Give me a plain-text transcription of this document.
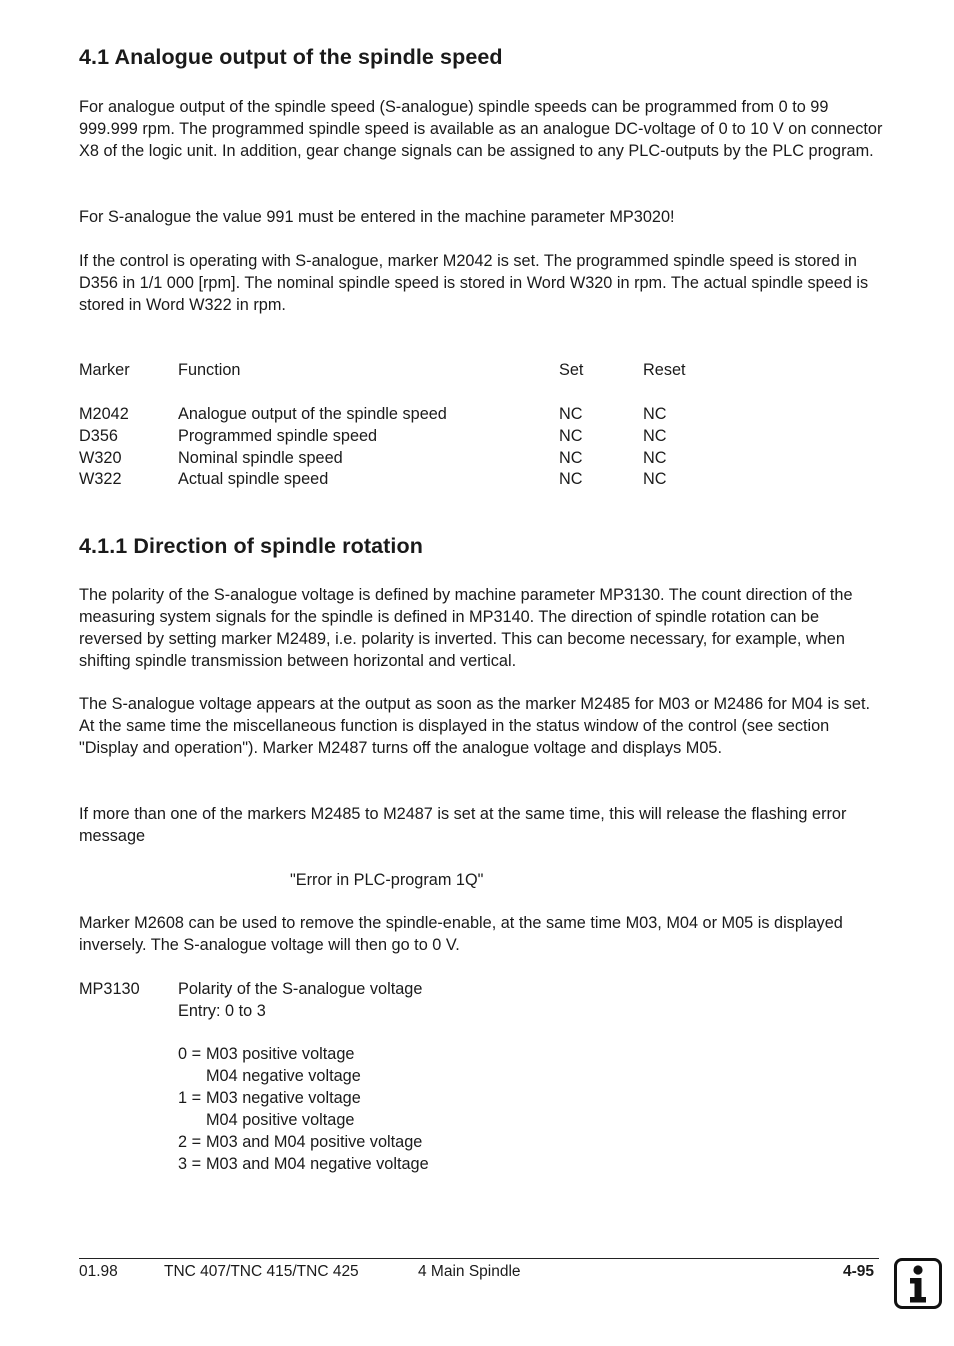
4.1 Analogue output of the spindle speed

For analogue output of the spindle speed (S-analogue) spindle speeds can be programmed from 0 to 99 999.999 rpm. The programmed spindle speed is available as an analogue DC-voltage of 0 to 10 V on connector X8 of the logic unit. In addition, gear change signals can be assigned to any PLC-outputs by the PLC program.

For S-analogue the value 991 must be entered in the machine parameter MP3020!

If the control is operating with S-analogue, marker M2042 is set. The programmed spindle speed is stored in D356 in 1/1 000 [rpm]. The nominal spindle speed is stored in Word W320 in rpm. The actual spindle speed is stored in Word W322 in rpm.

Marker	Function	Set	Reset
M2042	Analogue output of the spindle speed	NC	NC
D356	Programmed spindle speed	NC	NC
W320	Nominal spindle speed	NC	NC
W322	Actual spindle speed	NC	NC
4.1.1 Direction of spindle rotation

The polarity of the S-analogue voltage is defined by machine parameter MP3130. The count direction of the measuring system signals for the spindle is defined in MP3140. The direction of spindle rotation can be reversed by setting marker M2489, i.e. polarity is inverted. This can become necessary, for example, when shifting spindle transmission between horizontal and vertical.

The S-analogue voltage appears at the output as soon as the marker M2485 for M03 or M2486 for M04 is set. At the same time the miscellaneous function is displayed in the status window of the control (see section "Display and operation"). Marker M2487 turns off the analogue voltage and displays M05.

If more than one of the markers M2485 to M2487 is set at the same time, this will release the flashing error message

"Error in PLC-program 1Q"

Marker M2608 can be used to remove the spindle-enable, at the same time M03, M04 or M05 is displayed inversely. The S-analogue voltage will then go to 0 V.

MP3130 Polarity of the S-analogue voltage
Entry: 0 to 3
0 = M03 positive voltage
M04 negative voltage
1 = M03 negative voltage
M04 positive voltage
2 = M03 and M04 positive voltage
3 = M03 and M04 negative voltage
01.98	TNC 407/TNC 415/TNC 425	4 Main Spindle	4-95
